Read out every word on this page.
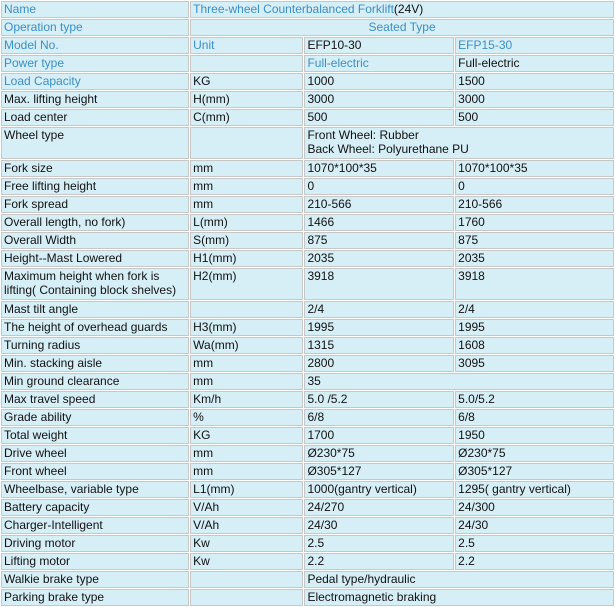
Name	Three-wheel Counterbalanced Forklift(24V)		
Operation type	Seated Type		
Model No.	Unit	EFP10-30	EFP15-30
Power type		Full-electric	Full-electric
Load Capacity	KG	1000	1500
Max. lifting height	H(mm)	3000	3000
Load center	C(mm)	500	500
Wheel type		Front Wheel: Rubber
Back Wheel: Polyurethane PU	

Fork size	mm	1070*100*35	1070*100*35
Free lifting height	mm	0	0
Fork spread	mm	210-566	210-566
Overall length, no fork)	L(mm)	1466	1760
Overall Width	S(mm)	875	875
Height--Mast Lowered	H1(mm)	2035	2035

Maximum height when fork is
lifting( Containing block shelves)	H2(mm)	3918	3918
Mast tilt angle		2/4	2/4
The height of overhead guards	H3(mm)	1995	1995
Turning radius	Wa(mm)	1315	1608
Min. stacking aisle	mm	2800	3095
Min ground clearance	mm	35	
Max travel speed	Km/h	5.0 /5.2	5.0/5.2
Grade ability	%	6/8	6/8
Total weight	KG	1700	1950
Drive wheel	mm	Ø230*75	Ø230*75
Front wheel	mm	Ø305*127	Ø305*127
Wheelbase, variable type	L1(mm)	1000(gantry vertical)	1295( gantry vertical)
Battery capacity	V/Ah	24/270	24/300
Charger-Intelligent	V/Ah	24/30	24/30
Driving motor	Kw	2.5	2.5
Lifting motor	Kw	2.2	2.2
Walkie brake type		Pedal type/hydraulic	
Parking brake type		Electromagnetic braking	
